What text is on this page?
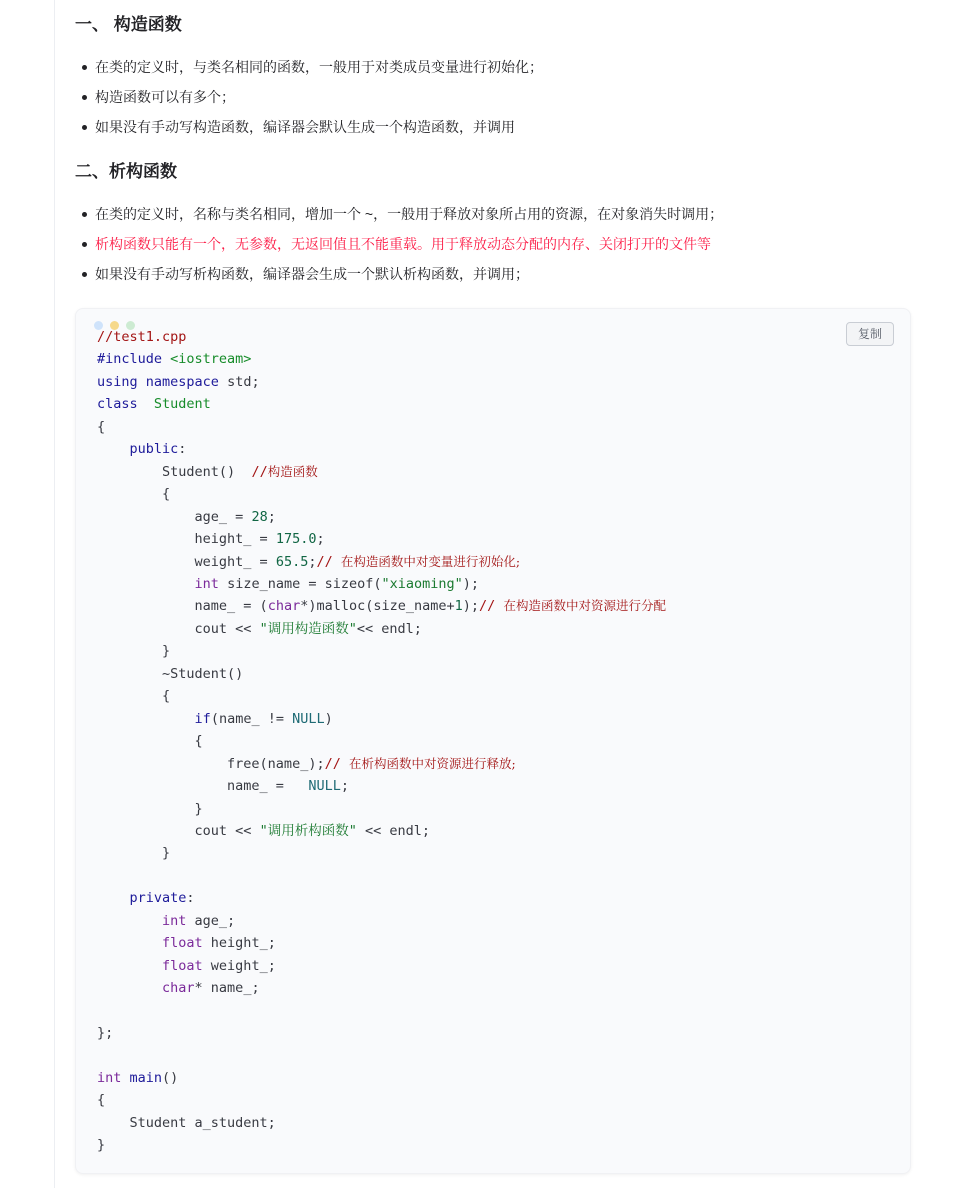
一、 构造函数
在类的定义时，与类名相同的函数，一般用于对类成员变量进行初始化；
构造函数可以有多个；
如果没有手动写构造函数，编译器会默认生成一个构造函数，并调用
二、析构函数
在类的定义时，名称与类名相同，增加一个 ~，一般用于释放对象所占用的资源，在对象消失时调用；
析构函数只能有一个，无参数，无返回值且不能重载。用于释放动态分配的内存、关闭打开的文件等
如果没有手动写析构函数，编译器会生成一个默认析构函数，并调用；
复制
//test1.cpp
#include <iostream>
using namespace std;
class Student
{
public:
Student()  //构造函数
{
age_ = 28;
height_ = 175.0;
weight_ = 65.5;// 在构造函数中对变量进行初始化;
int size_name = sizeof("xiaoming");
name_ = (char*)malloc(size_name+1);// 在构造函数中对资源进行分配
cout << "调用构造函数"<< endl;
}
~Student()
{
if(name_ != NULL)
{
free(name_);// 在析构函数中对资源进行释放;
name_ =   NULL;
}
cout << "调用析构函数" << endl;
}

private:
int age_;
float height_;
float weight_;
char* name_;

};

int main()
{
Student a_student;
}
